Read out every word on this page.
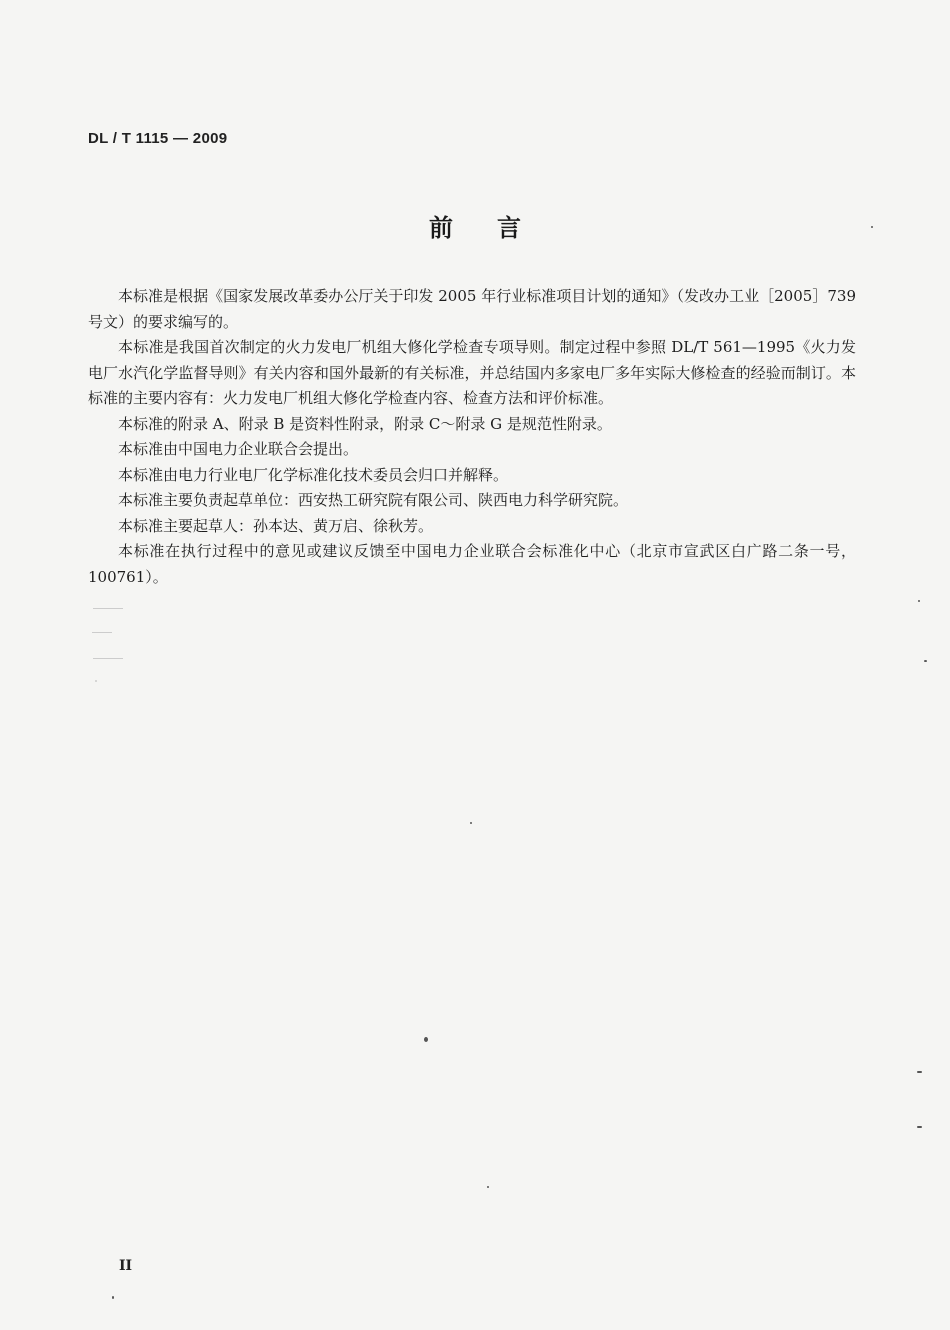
DL / T 1115 — 2009
前言

本标准是根据《国家发展改革委办公厅关于印发 2005 年行业标准项目计划的通知》（发改办工业［2005］739 号文）的要求编写的。

本标准是我国首次制定的火力发电厂机组大修化学检查专项导则。制定过程中参照 DL/T 561—1995《火力发电厂水汽化学监督导则》有关内容和国外最新的有关标准，并总结国内多家电厂多年实际大修检查的经验而制订。本标准的主要内容有：火力发电厂机组大修化学检查内容、检查方法和评价标准。

本标准的附录 A、附录 B 是资料性附录，附录 C～附录 G 是规范性附录。

本标准由中国电力企业联合会提出。

本标准由电力行业电厂化学标准化技术委员会归口并解释。

本标准主要负责起草单位：西安热工研究院有限公司、陕西电力科学研究院。

本标准主要起草人：孙本达、黄万启、徐秋芳。

本标准在执行过程中的意见或建议反馈至中国电力企业联合会标准化中心（北京市宣武区白广路二条一号，100761）。

II
